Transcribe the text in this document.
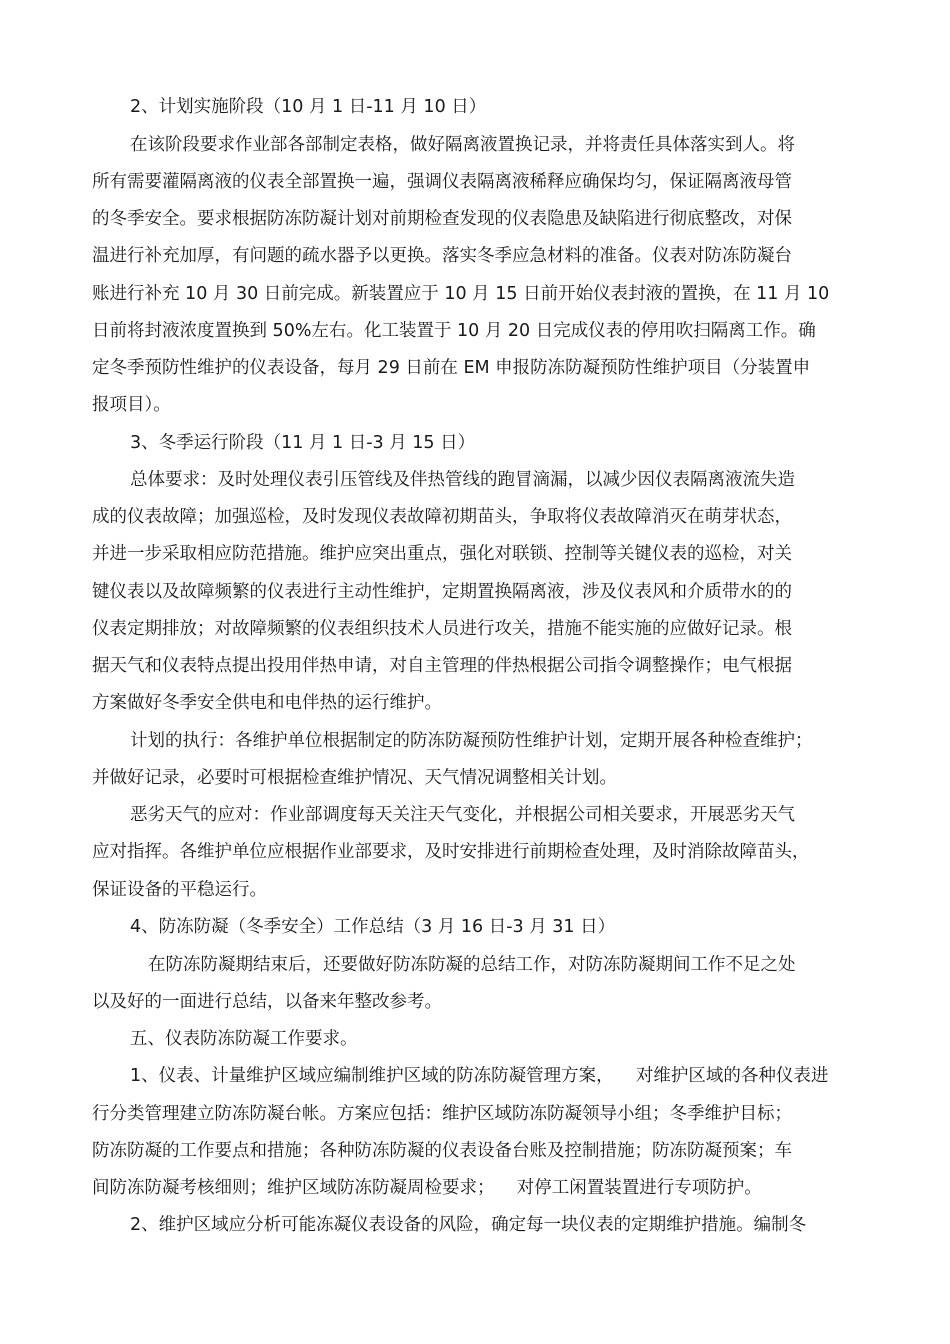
2、计划实施阶段（10 月 1 日-11 月 10 日）
在该阶段要求作业部各部制定表格，做好隔离液置换记录，并将责任具体落实到人。将
所有需要灌隔离液的仪表全部置换一遍，强调仪表隔离液稀释应确保均匀，保证隔离液母管
的冬季安全。要求根据防冻防凝计划对前期检查发现的仪表隐患及缺陷进行彻底整改，对保
温进行补充加厚，有问题的疏水器予以更换。落实冬季应急材料的准备。仪表对防冻防凝台
账进行补充 10 月 30 日前完成。新装置应于 10 月 15 日前开始仪表封液的置换，在 11 月 10
日前将封液浓度置换到 50%左右。化工装置于 10 月 20 日完成仪表的停用吹扫隔离工作。确
定冬季预防性维护的仪表设备，每月 29 日前在 EM 申报防冻防凝预防性维护项目（分装置申
报项目）。
3、冬季运行阶段（11 月 1 日-3 月 15 日）
总体要求：及时处理仪表引压管线及伴热管线的跑冒滴漏，以减少因仪表隔离液流失造
成的仪表故障；加强巡检，及时发现仪表故障初期苗头，争取将仪表故障消灭在萌芽状态，
并进一步采取相应防范措施。维护应突出重点，强化对联锁、控制等关键仪表的巡检，对关
键仪表以及故障频繁的仪表进行主动性维护，定期置换隔离液，涉及仪表风和介质带水的的
仪表定期排放；对故障频繁的仪表组织技术人员进行攻关，措施不能实施的应做好记录。根
据天气和仪表特点提出投用伴热申请，对自主管理的伴热根据公司指令调整操作；电气根据
方案做好冬季安全供电和电伴热的运行维护。
计划的执行：各维护单位根据制定的防冻防凝预防性维护计划，定期开展各种检查维护；
并做好记录，必要时可根据检查维护情况、天气情况调整相关计划。
恶劣天气的应对：作业部调度每天关注天气变化，并根据公司相关要求，开展恶劣天气
应对指挥。各维护单位应根据作业部要求，及时安排进行前期检查处理，及时消除故障苗头，
保证设备的平稳运行。
4、防冻防凝（冬季安全）工作总结（3 月 16 日-3 月 31 日）
在防冻防凝期结束后，还要做好防冻防凝的总结工作，对防冻防凝期间工作不足之处
以及好的一面进行总结，以备来年整改参考。
五、仪表防冻防凝工作要求。
1、仪表、计量维护区域应编制维护区域的防冻防凝管理方案，    对维护区域的各种仪表进
行分类管理建立防冻防凝台帐。方案应包括：维护区域防冻防凝领导小组；冬季维护目标；
防冻防凝的工作要点和措施；各种防冻防凝的仪表设备台账及控制措施；防冻防凝预案；车
间防冻防凝考核细则；维护区域防冻防凝周检要求；    对停工闲置装置进行专项防护。
2、维护区域应分析可能冻凝仪表设备的风险，确定每一块仪表的定期维护措施。编制冬
